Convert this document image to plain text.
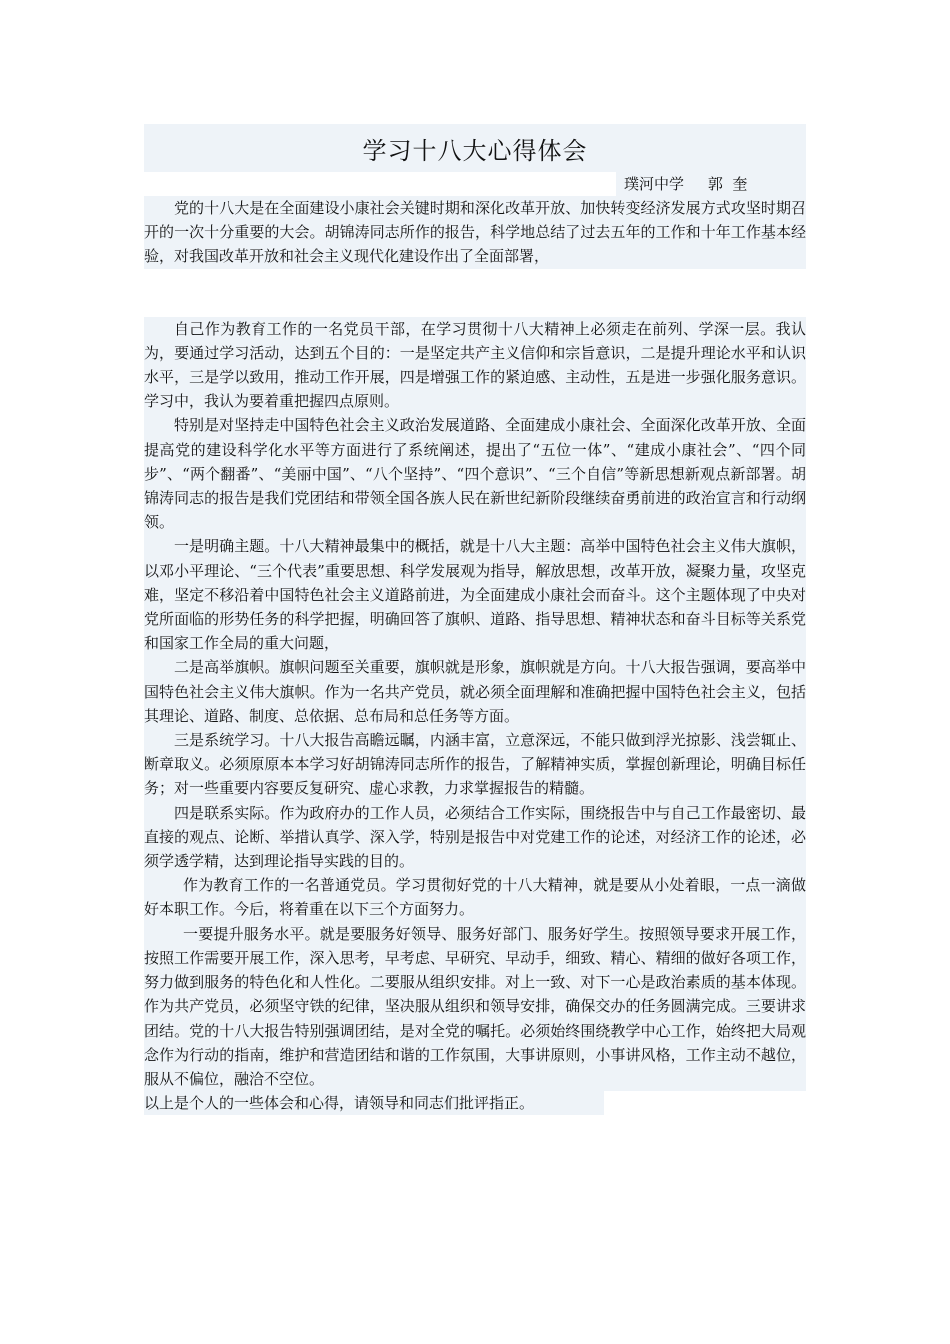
学习十八大心得体会
璞河中学     郭  奎

党的十八大是在全面建设小康社会关键时期和深化改革开放、加快转变经济发展方式攻坚时期召开的一次十分重要的大会。胡锦涛同志所作的报告，科学地总结了过去五年的工作和十年工作基本经验，对我国改革开放和社会主义现代化建设作出了全面部署，

自己作为教育工作的一名党员干部，在学习贯彻十八大精神上必须走在前列、学深一层。我认为，要通过学习活动，达到五个目的：一是坚定共产主义信仰和宗旨意识，二是提升理论水平和认识水平，三是学以致用，推动工作开展，四是增强工作的紧迫感、主动性，五是进一步强化服务意识。学习中，我认为要着重把握四点原则。

特别是对坚持走中国特色社会主义政治发展道路、全面建成小康社会、全面深化改革开放、全面提高党的建设科学化水平等方面进行了系统阐述，提出了“五位一体”、“建成小康社会”、“四个同步”、“两个翻番”、“美丽中国”、“八个坚持”、“四个意识”、“三个自信”等新思想新观点新部署。胡锦涛同志的报告是我们党团结和带领全国各族人民在新世纪新阶段继续奋勇前进的政治宣言和行动纲领。

一是明确主题。十八大精神最集中的概括，就是十八大主题：高举中国特色社会主义伟大旗帜，以邓小平理论、“三个代表”重要思想、科学发展观为指导，解放思想，改革开放，凝聚力量，攻坚克难，坚定不移沿着中国特色社会主义道路前进，为全面建成小康社会而奋斗。这个主题体现了中央对党所面临的形势任务的科学把握，明确回答了旗帜、道路、指导思想、精神状态和奋斗目标等关系党和国家工作全局的重大问题，

二是高举旗帜。旗帜问题至关重要，旗帜就是形象，旗帜就是方向。十八大报告强调，要高举中国特色社会主义伟大旗帜。作为一名共产党员，就必须全面理解和准确把握中国特色社会主义，包括其理论、道路、制度、总依据、总布局和总任务等方面。

三是系统学习。十八大报告高瞻远瞩，内涵丰富，立意深远，不能只做到浮光掠影、浅尝辄止、断章取义。必须原原本本学习好胡锦涛同志所作的报告，了解精神实质，掌握创新理论，明确目标任务；对一些重要内容要反复研究、虚心求教，力求掌握报告的精髓。

四是联系实际。作为政府办的工作人员，必须结合工作实际，围绕报告中与自己工作最密切、最直接的观点、论断、举措认真学、深入学，特别是报告中对党建工作的论述，对经济工作的论述，必须学透学精，达到理论指导实践的目的。

作为教育工作的一名普通党员。学习贯彻好党的十八大精神，就是要从小处着眼，一点一滴做好本职工作。今后，将着重在以下三个方面努力。

一要提升服务水平。就是要服务好领导、服务好部门、服务好学生。按照领导要求开展工作，按照工作需要开展工作，深入思考，早考虑、早研究、早动手，细致、精心、精细的做好各项工作，努力做到服务的特色化和人性化。二要服从组织安排。对上一致、对下一心是政治素质的基本体现。作为共产党员，必须坚守铁的纪律，坚决服从组织和领导安排，确保交办的任务圆满完成。三要讲求团结。党的十八大报告特别强调团结，是对全党的嘱托。必须始终围绕教学中心工作，始终把大局观念作为行动的指南，维护和营造团结和谐的工作氛围，大事讲原则，小事讲风格，工作主动不越位，服从不偏位，融洽不空位。

以上是个人的一些体会和心得，请领导和同志们批评指正。
